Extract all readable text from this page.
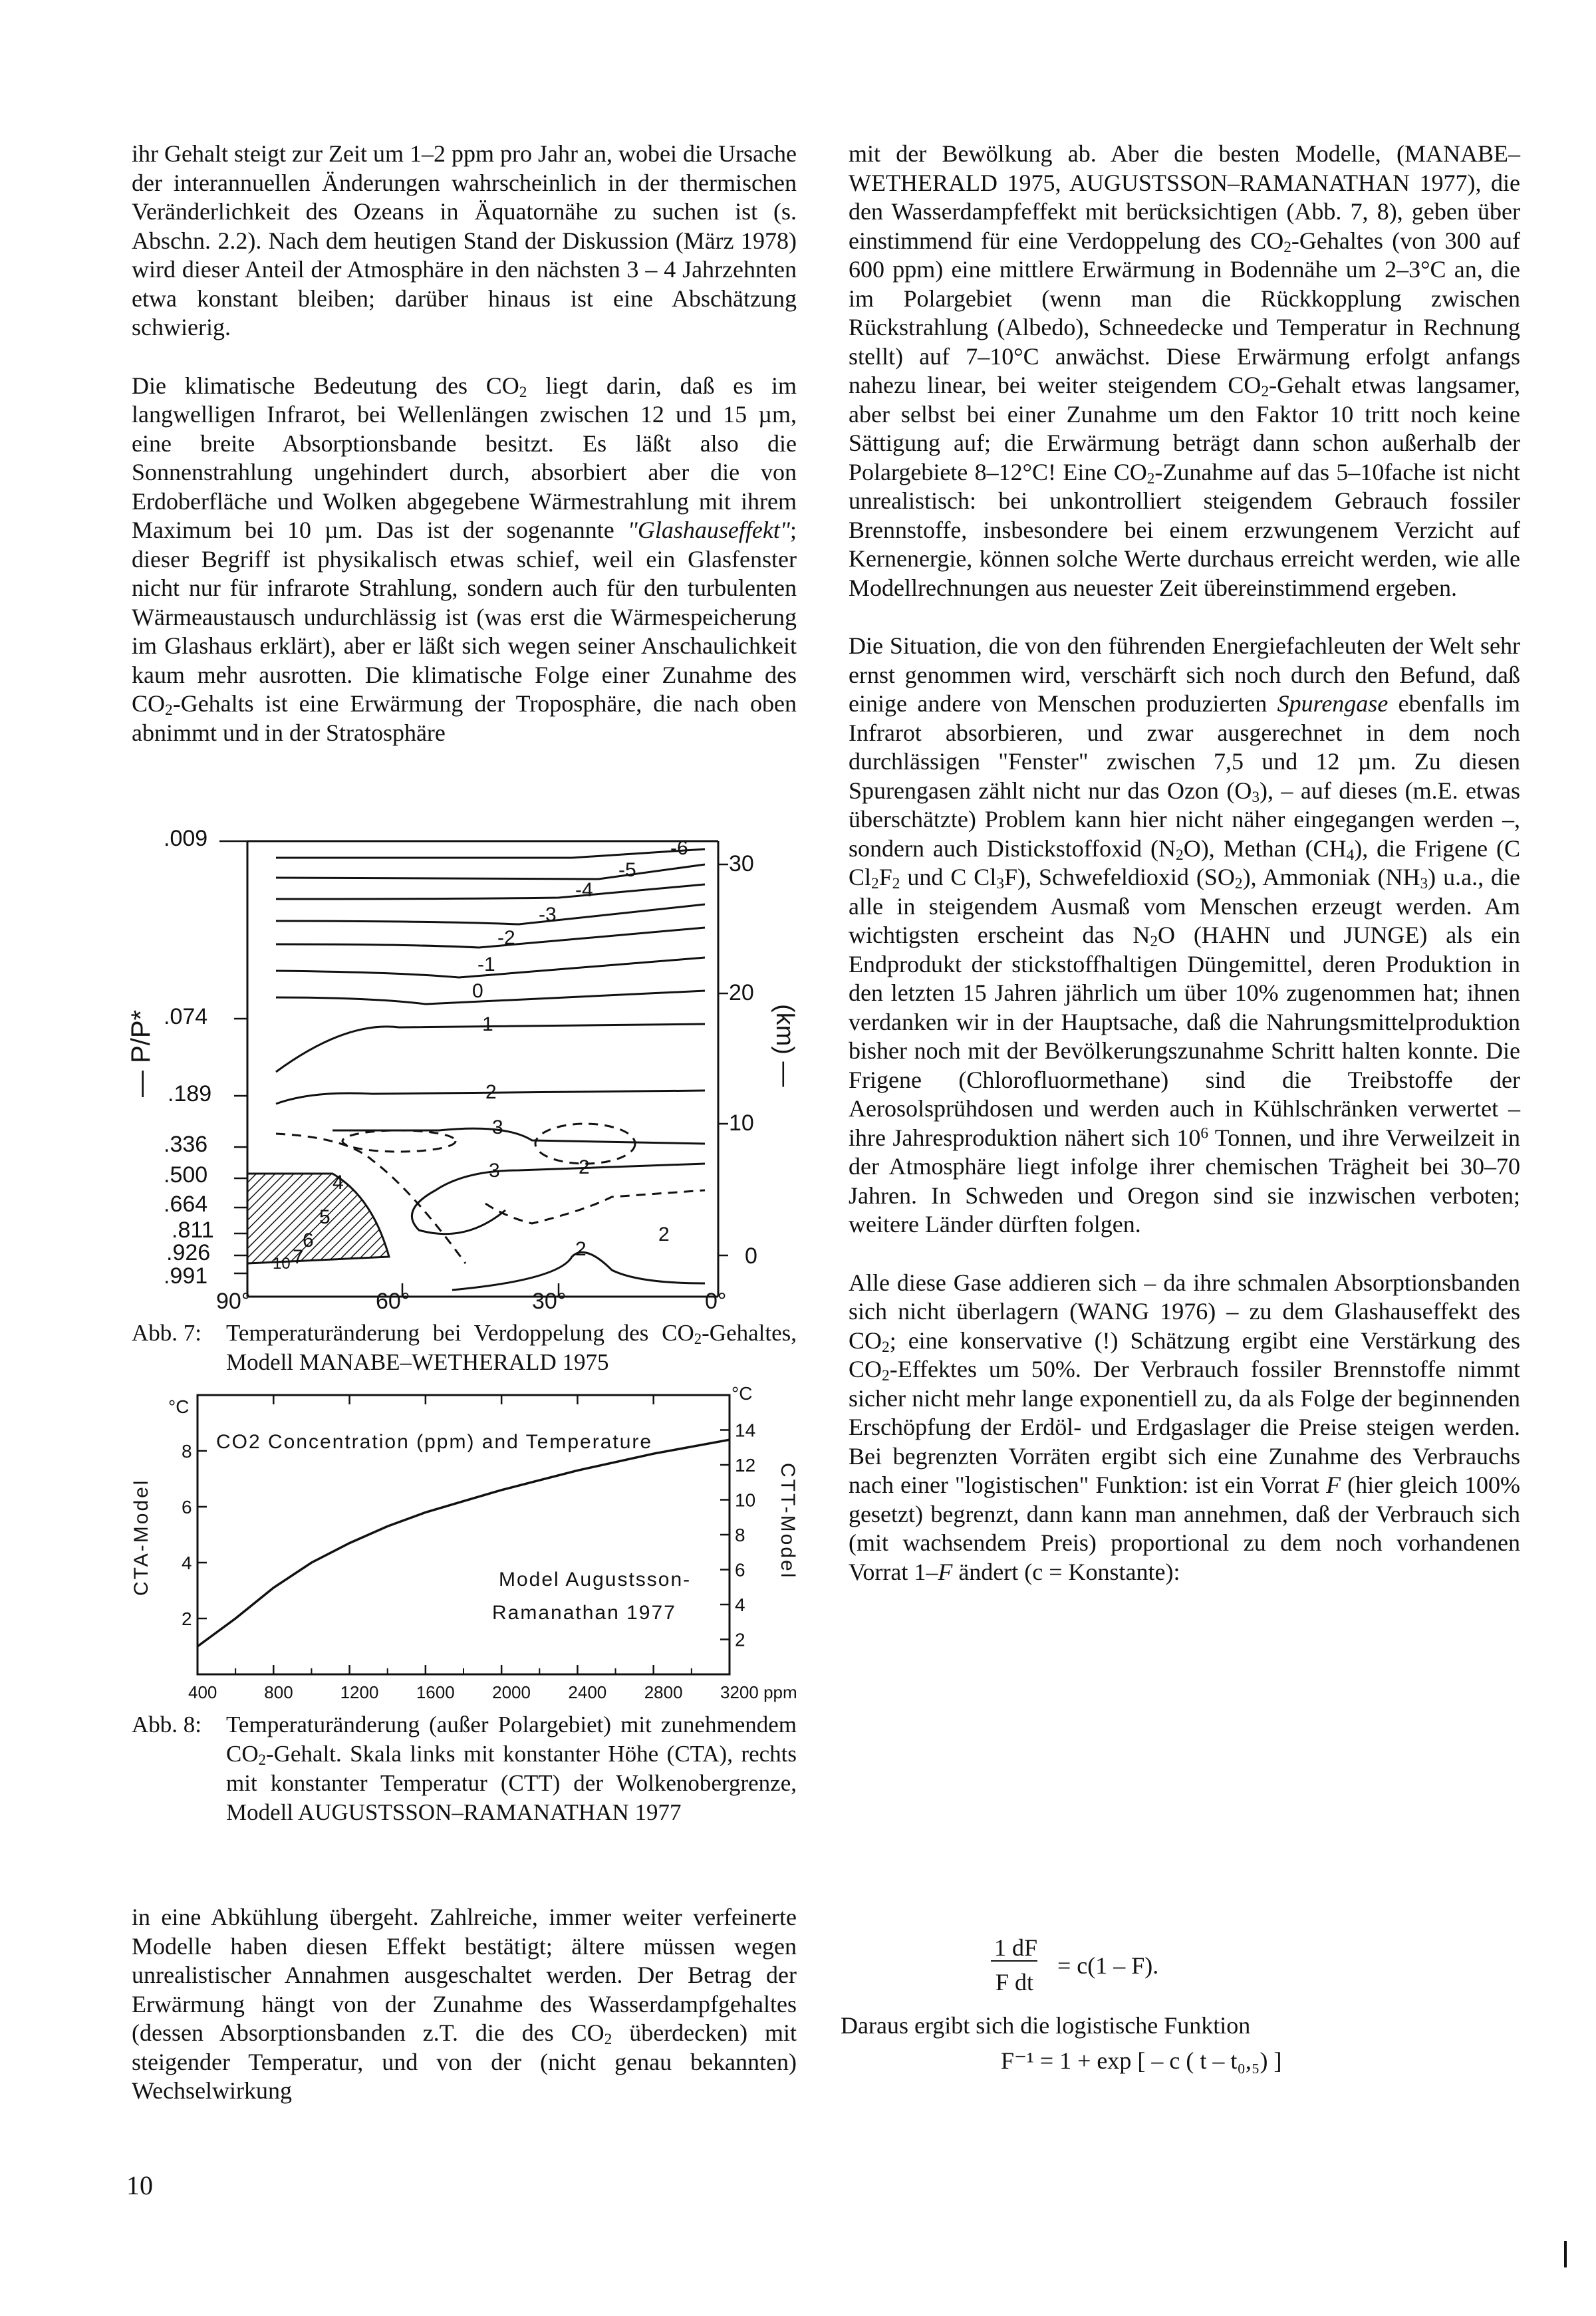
ihr Gehalt steigt zur Zeit um 1–2 ppm pro Jahr an, wobei die Ursache der interannuellen Änderungen wahrscheinlich in der thermischen Veränderlichkeit des Ozeans in Äquatornähe zu suchen ist (s. Abschn. 2.2). Nach dem heutigen Stand der Diskussion (März 1978) wird dieser Anteil der Atmosphäre in den nächsten 3 – 4 Jahrzehnten etwa konstant bleiben; darüber hinaus ist eine Abschätzung schwierig.

Die klimatische Bedeutung des $CO_2$ liegt darin, daß es im langwelligen Infrarot, bei Wellenlängen zwischen 12 und 15 µm, eine breite Absorptionsbande besitzt. Es läßt also die Sonnenstrahlung ungehindert durch, absorbiert aber die von Erdoberfläche und Wolken abgegebene Wärmestrahlung mit ihrem Maximum bei 10 µm. Das ist der sogenannte "Glashauseffekt"; dieser Begriff ist physikalisch etwas schief, weil ein Glasfenster nicht nur für infrarote Strahlung, sondern auch für den turbulenten Wärmeaustausch undurchlässig ist (was erst die Wärmespeicherung im Glashaus erklärt), aber er läßt sich wegen seiner Anschaulichkeit kaum mehr ausrotten. Die klimatische Folge einer Zunahme des $CO_2$-Gehalts ist eine Erwärmung der Troposphäre, die nach oben abnimmt und in der Stratosphäre

.009
.074
.189
.336
.500
.664
.811
.926
.991
30
20
10
0
90°	60°	30°	0°
-6
-5
-4
-3
-2
-1
0
1
2
3
3
2
2
2
4
5
6
7
10
— P/P*	(km) —
Abb. 7: Temperaturänderung bei Verdoppelung des $CO_2$-Gehaltes, Modell MANABE–WETHERALD 1975
400	800	1200 1600 2000 2400 2800 3200 ppm
8
6
4
2
14
12
10
8
6
4
2
CO2 Concentration (ppm) and Temperature
Model Augustsson-
Ramanathan 1977
°C
°C
CTA-Model	CTT-Model
Abb. 8: Temperaturänderung (außer Polargebiet) mit zunehmendem $CO_2$-Gehalt. Skala links mit konstanter Höhe (CTA), rechts mit konstanter Temperatur (CTT) der Wolkenobergrenze, Modell AUGUSTSSON–RAMANATHAN 1977

in eine Abkühlung übergeht. Zahlreiche, immer weiter verfeinerte Modelle haben diesen Effekt bestätigt; ältere müssen wegen unrealistischer Annahmen ausgeschaltet werden. Der Betrag der Erwärmung hängt von der Zunahme des Wasserdampfgehaltes (dessen Absorptionsbanden z.T. die des $CO_2$ überdecken) mit steigender Temperatur, und von der (nicht genau bekannten) Wechselwirkung

mit der Bewölkung ab. Aber die besten Modelle, (MANABE–WETHERALD 1975, AUGUSTSSON–RAMANATHAN 1977), die den Wasserdampfeffekt mit berücksichtigen (Abb. 7, 8), geben über einstimmend für eine Verdoppelung des $CO_2$-Gehaltes (von 300 auf 600 ppm) eine mittlere Erwärmung in Bodennähe um 2–3°C an, die im Polargebiet (wenn man die Rückkopplung zwischen Rückstrahlung (Albedo), Schneedecke und Temperatur in Rechnung stellt) auf 7–10°C anwächst. Diese Erwärmung erfolgt anfangs nahezu linear, bei weiter steigendem $CO_2$-Gehalt etwas langsamer, aber selbst bei einer Zunahme um den Faktor 10 tritt noch keine Sättigung auf; die Erwärmung beträgt dann schon außerhalb der Polargebiete 8–12°C! Eine $CO_2$-Zunahme auf das 5–10fache ist nicht unrealistisch: bei unkontrolliert steigendem Gebrauch fossiler Brennstoffe, insbesondere bei einem erzwungenem Verzicht auf Kernenergie, können solche Werte durchaus erreicht werden, wie alle Modellrechnungen aus neuester Zeit übereinstimmend ergeben.

Die Situation, die von den führenden Energiefachleuten der Welt sehr ernst genommen wird, verschärft sich noch durch den Befund, daß einige andere von Menschen produzierten Spurengase ebenfalls im Infrarot absorbieren, und zwar ausgerechnet in dem noch durchlässigen "Fenster" zwischen 7,5 und 12 µm. Zu diesen Spurengasen zählt nicht nur das Ozon $(O_3)$, – auf dieses (m.E. etwas überschätzte) Problem kann hier nicht näher eingegangen werden –, sondern auch Distickstoffoxid $(N_2O)$, Methan $(CH_4)$, die Frigene (C $Cl_2F_2$ und C $Cl_3F$), Schwefeldioxid $(SO_2)$, Ammoniak $(NH_3)$ u.a., die alle in steigendem Ausmaß vom Menschen erzeugt werden. Am wichtigsten erscheint das $N_2O$ (HAHN und JUNGE) als ein Endprodukt der stickstoffhaltigen Düngemittel, deren Produktion in den letzten 15 Jahren jährlich um über 10% zugenommen hat; ihnen verdanken wir in der Hauptsache, daß die Nahrungsmittelproduktion bisher noch mit der Bevölkerungszunahme Schritt halten konnte. Die Frigene (Chlorofluormethane) sind die Treibstoffe der Aerosolsprühdosen und werden auch in Kühlschränken verwertet – ihre Jahresproduktion nähert sich $10^6$ Tonnen, und ihre Verweilzeit in der Atmosphäre liegt infolge ihrer chemischen Trägheit bei 30–70 Jahren. In Schweden und Oregon sind sie inzwischen verboten; weitere Länder dürften folgen.

Alle diese Gase addieren sich – da ihre schmalen Absorptionsbanden sich nicht überlagern (WANG 1976) – zu dem Glashauseffekt des $CO_2$; eine konservative (!) Schätzung ergibt eine Verstärkung des $CO_2$-Effektes um 50%. Der Verbrauch fossiler Brennstoffe nimmt sicher nicht mehr lange exponentiell zu, da als Folge der beginnenden Erschöpfung der Erdöl- und Erdgaslager die Preise steigen werden. Bei begrenzten Vorräten ergibt sich eine Zunahme des Verbrauchs nach einer "logistischen" Funktion: ist ein Vorrat F (hier gleich 100% gesetzt) begrenzt, dann kann man annehmen, daß der Verbrauch sich (mit wachsendem Preis) proportional zu dem noch vorhandenen Vorrat 1–F ändert (c = Konstante):

1 dF
= c(1 – F).
F dt
Daraus ergibt sich die logistische Funktion
F⁻¹ = 1 + exp [ – c ( t – t₀,₅) ]
10
